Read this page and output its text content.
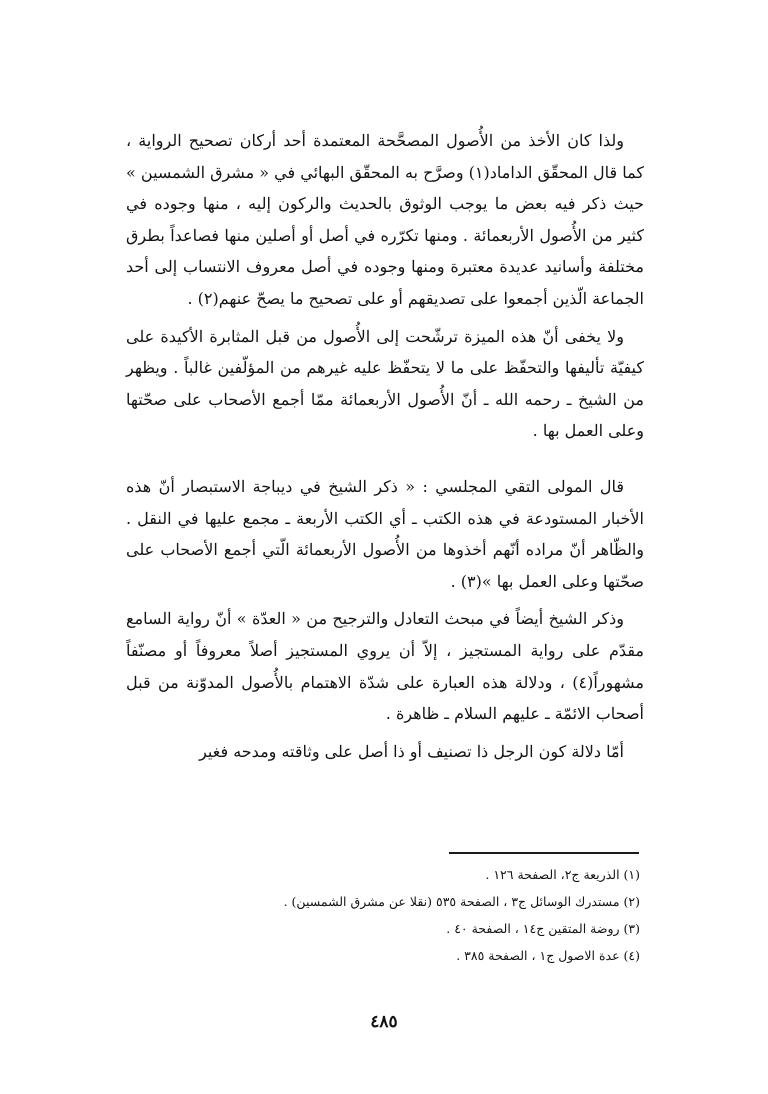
ولذا كان الأخذ من الأُصول المصحَّحة المعتمدة أحد أركان تصحيح الرواية ، كما قال المحقّق الداماد(١) وصرَّح به المحقّق البهائي في « مشرق الشمسين » حيث ذكر فيه بعض ما يوجب الوثوق بالحديث والركون إليه ، منها وجوده في كثير من الأُصول الأربعمائة . ومنها تكرّره في أصل أو أصلين منها فصاعداً بطرق مختلفة وأسانيد عديدة معتبرة ومنها وجوده في أصل معروف الانتساب إلى أحد الجماعة الّذين أجمعوا على تصديقهم أو على تصحيح ما يصحّ عنهم(٢) .

ولا يخفى أنّ هذه الميزة ترشّحت إلى الأُصول من قبل المثابرة الأكيدة على كيفيّة تأليفها والتحفّظ على ما لا يتحفّظ عليه غيرهم من المؤلّفين غالباً . ويظهر من الشيخ ـ رحمه الله ـ أنّ الأُصول الأربعمائة ممّا أجمع الأصحاب على صحّتها وعلى العمل بها .

قال المولى التقي المجلسي : « ذكر الشيخ في ديباجة الاستبصار أنّ هذه الأخبار المستودعة في هذه الكتب ـ أي الكتب الأربعة ـ مجمع عليها في النقل . والظّاهر أنّ مراده أنّهم أخذوها من الأُصول الأربعمائة الّتي أجمع الأصحاب على صحّتها وعلى العمل بها »(٣) .

وذكر الشيخ أيضاً في مبحث التعادل والترجيح من « العدّة » أنّ رواية السامع مقدّم على رواية المستجيز ، إلاّ أن يروي المستجيز أصلاً معروفاً أو مصنّفاً مشهوراً(٤) ، ودلالة هذه العبارة على شدّة الاهتمام بالأُصول المدوّنة من قبل أصحاب الائمّة ـ عليهم السلام ـ ظاهرة .

أمّا دلالة كون الرجل ذا تصنيف أو ذا أصل على وثاقته ومدحه فغير

(١) الذريعة ج٢، الصفحة ١٢٦ .

(٢) مستدرك الوسائل ج٣ ، الصفحة ٥٣٥ (نقلا عن مشرق الشمسين) .

(٣) روضة المتقين ج١٤ ، الصفحة ٤٠ .

(٤) عدة الاصول ج١ ، الصفحة ٣٨٥ .

٤٨٥
